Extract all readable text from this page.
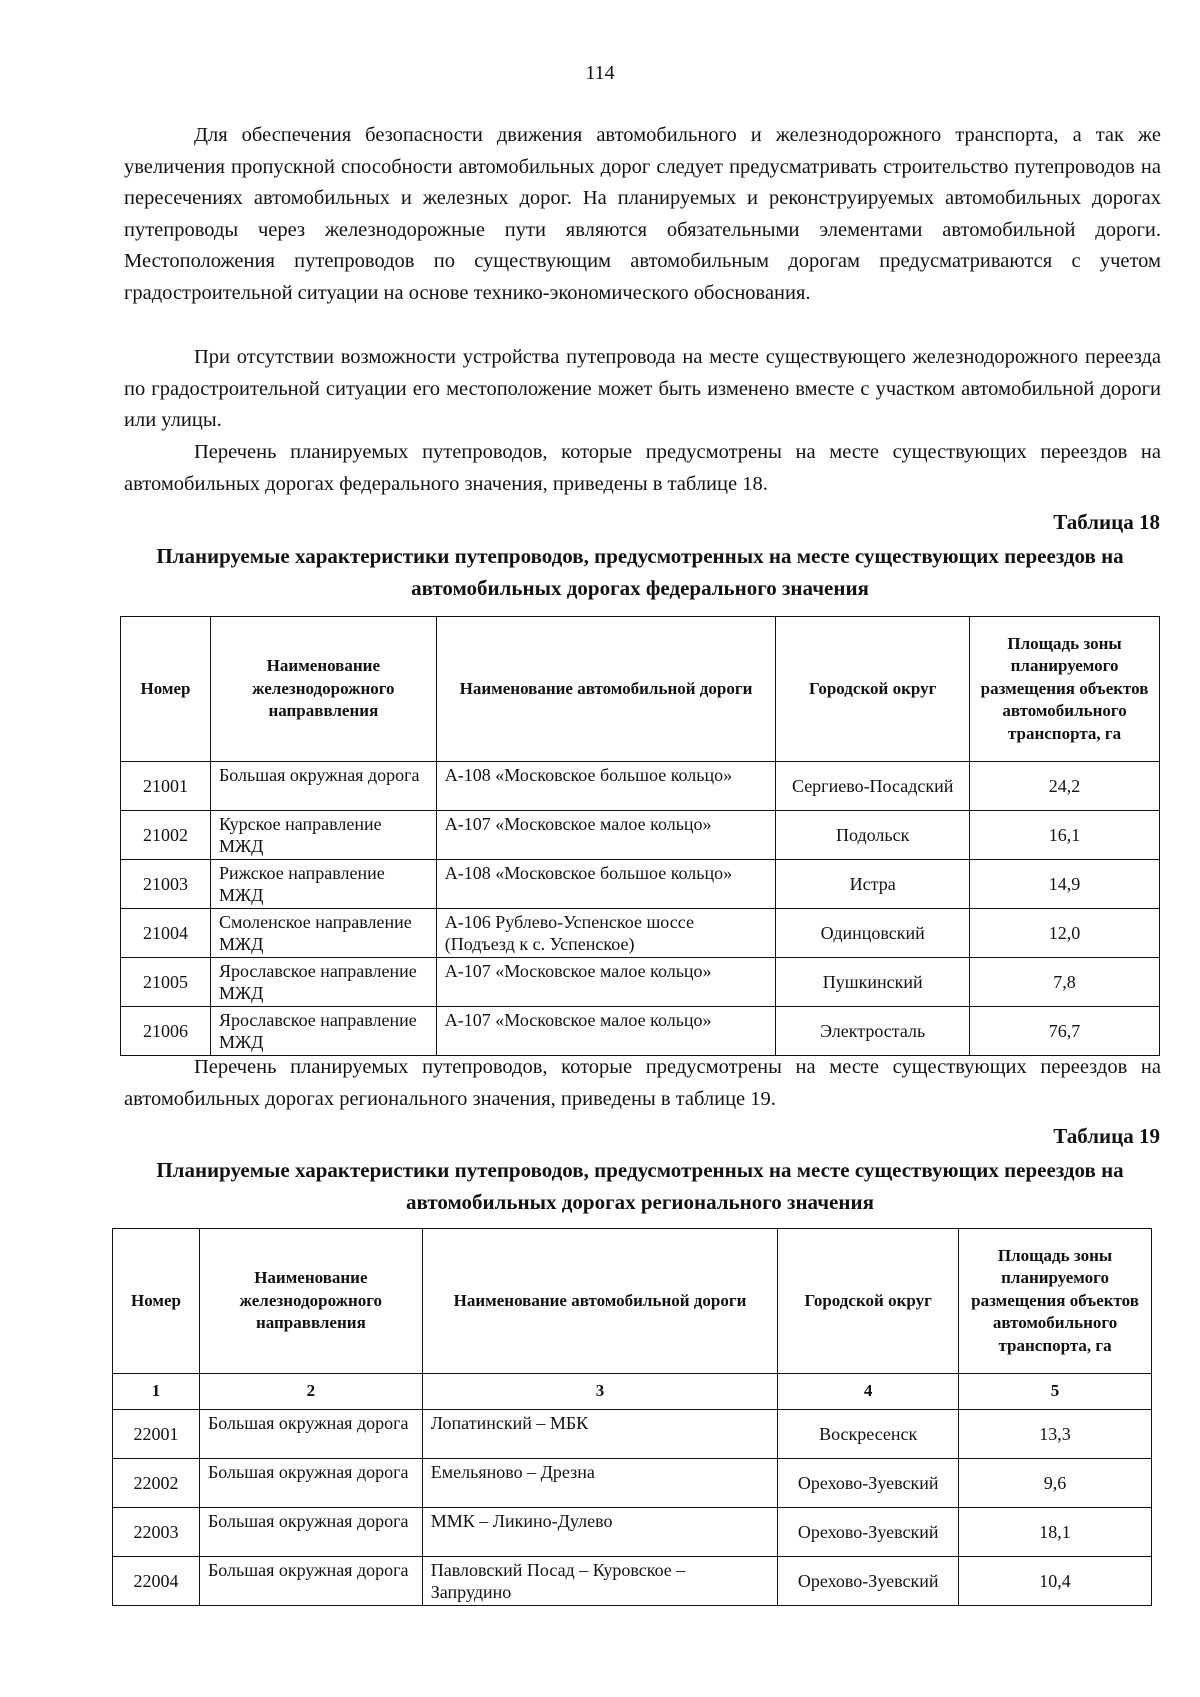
114

Для обеспечения безопасности движения автомобильного и железнодорожного транспорта, а так же увеличения пропускной способности автомобильных дорог следует предусматривать строительство путепроводов на пересечениях автомобильных и железных дорог. На планируемых и реконструируемых автомобильных дорогах путепроводы через железнодорожные пути являются обязательными элементами автомобильной дороги. Местоположения путепроводов по существующим автомобильным дорогам предусматриваются с учетом градостроительной ситуации на основе технико-экономического обоснования.

При отсутствии возможности устройства путепровода на месте существующего железнодорожного переезда по градостроительной ситуации его местоположение может быть изменено вместе с участком автомобильной дороги или улицы.

Перечень планируемых путепроводов, которые предусмотрены на месте существующих переездов на автомобильных дорогах федерального значения, приведены в таблице 18.

Таблица 18
Планируемые характеристики путепроводов, предусмотренных на месте существующих переездов на автомобильных дорогах федерального значения
Номер	Наименование железнодорожного направвления	Наименование автомобильной дороги	Городской округ	Площадь зоны планируемого размещения объектов автомобильного транспорта, га
21001	Большая окружная дорога	А-108 «Московское большое кольцо»	Сергиево-Посадский	24,2
21002	Курское направление МЖД	А-107 «Московское малое кольцо»	Подольск	16,1
21003	Рижское направление МЖД	А-108 «Московское большое кольцо»	Истра	14,9
21004	Смоленское направление МЖД	А-106 Рублево-Успенское шоссе (Подъезд к с. Успенское)	Одинцовский	12,0
21005	Ярославское направление МЖД	А-107 «Московское малое кольцо»	Пушкинский	7,8
21006	Ярославское направление МЖД	А-107 «Московское малое кольцо»	Электросталь	76,7

Перечень планируемых путепроводов, которые предусмотрены на месте существующих переездов на автомобильных дорогах регионального значения, приведены в таблице 19.

Таблица 19
Планируемые характеристики путепроводов, предусмотренных на месте существующих переездов на автомобильных дорогах регионального значения
Номер	Наименование железнодорожного направвления	Наименование автомобильной дороги	Городской округ	Площадь зоны планируемого размещения объектов автомобильного транспорта, га
1	2	3	4	5
22001	Большая окружная дорога	Лопатинский – МБК	Воскресенск	13,3
22002	Большая окружная дорога	Емельяново – Дрезна	Орехово-Зуевский	9,6
22003	Большая окружная дорога	ММК – Ликино-Дулево	Орехово-Зуевский	18,1
22004	Большая окружная дорога	Павловский Посад – Куровское – Запрудино	Орехово-Зуевский	10,4
